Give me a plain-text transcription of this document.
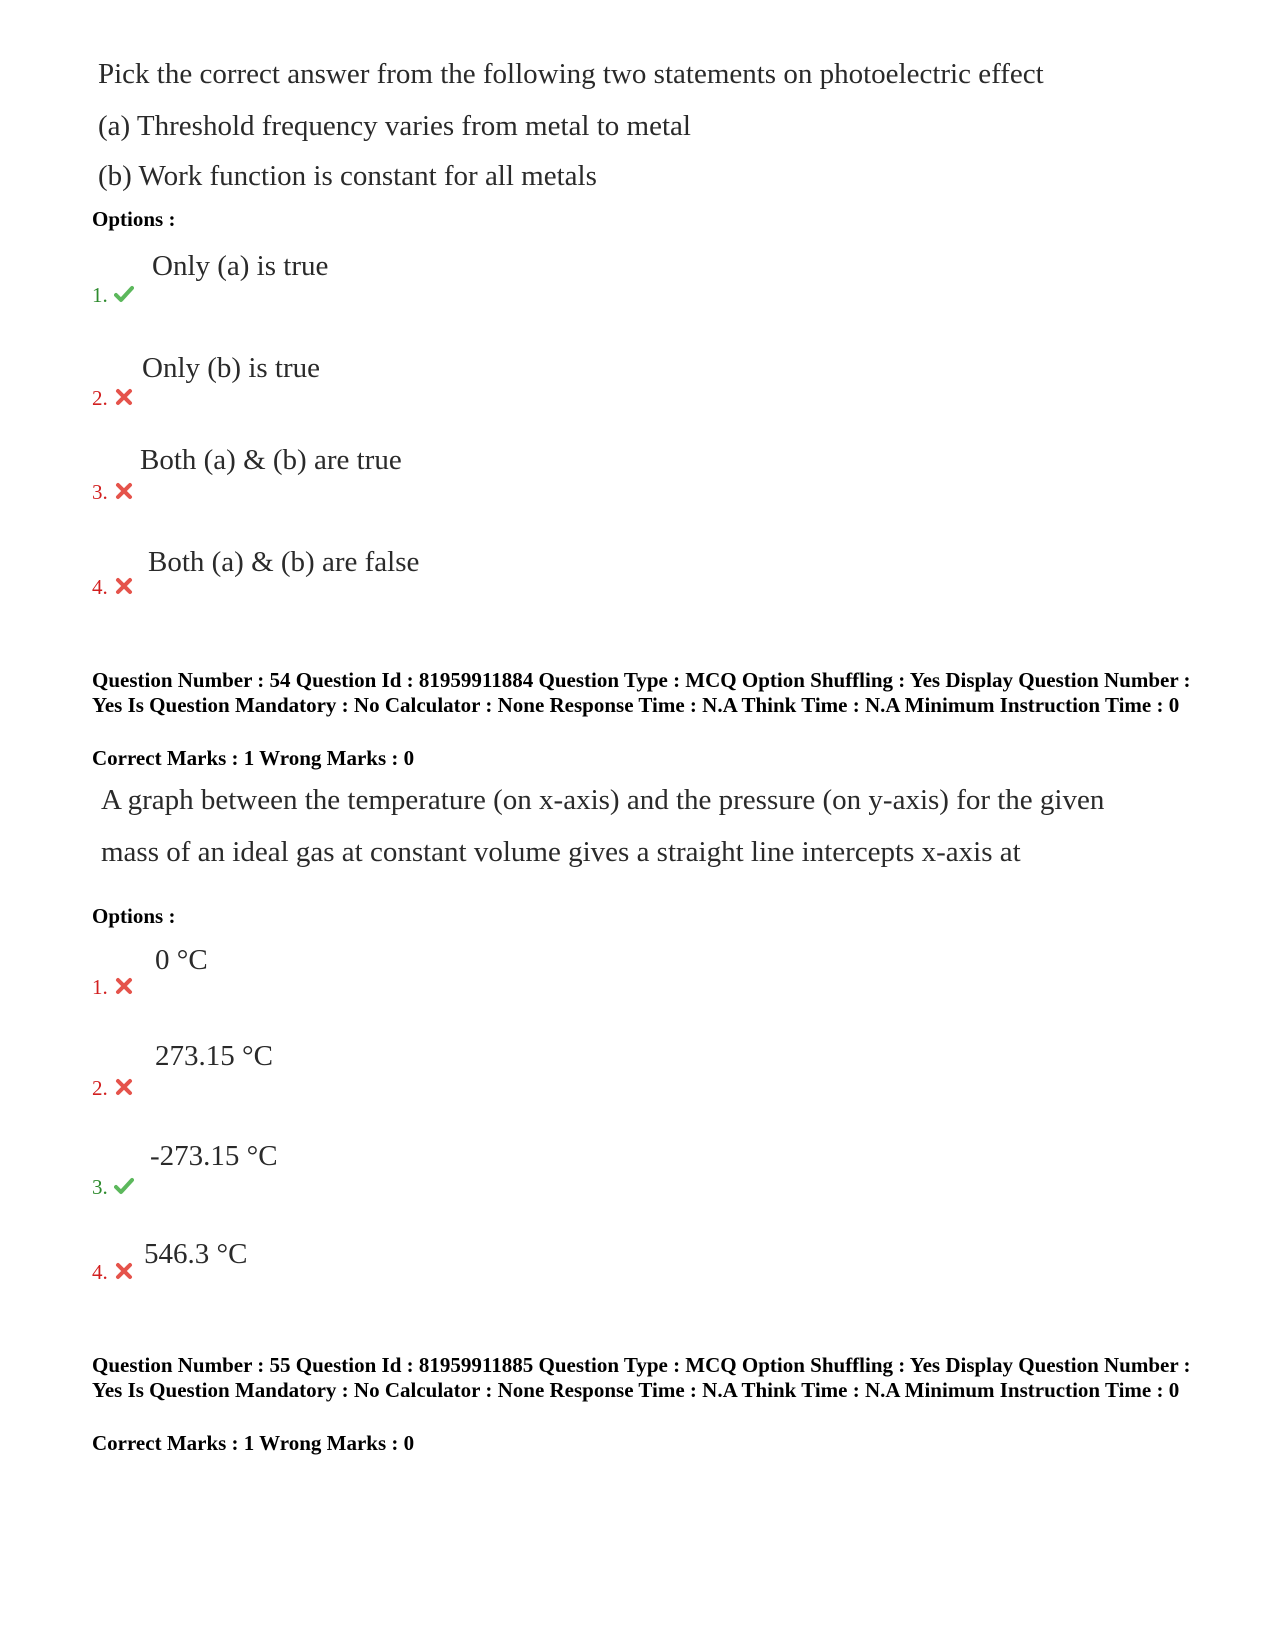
Pick the correct answer from the following two statements on photoelectric effect
(a) Threshold frequency varies from metal to metal
(b) Work function is constant for all metals
Options :
Only (a) is true
1.
Only (b) is true
2.
Both (a) & (b) are true
3.
Both (a) & (b) are false
4.
Question Number : 54 Question Id : 81959911884 Question Type : MCQ Option Shuffling : Yes Display Question Number : Yes Is Question Mandatory : No Calculator : None Response Time : N.A Think Time : N.A Minimum Instruction Time : 0
Correct Marks : 1 Wrong Marks : 0
A graph between the temperature (on x-axis) and the pressure (on y-axis) for the given
mass of an ideal gas at constant volume gives a straight line intercepts x-axis at
Options :
0 °C
1.
273.15 °C
2.
-273.15 °C
3.
546.3 °C
4.
Question Number : 55 Question Id : 81959911885 Question Type : MCQ Option Shuffling : Yes Display Question Number : Yes Is Question Mandatory : No Calculator : None Response Time : N.A Think Time : N.A Minimum Instruction Time : 0
Correct Marks : 1 Wrong Marks : 0
